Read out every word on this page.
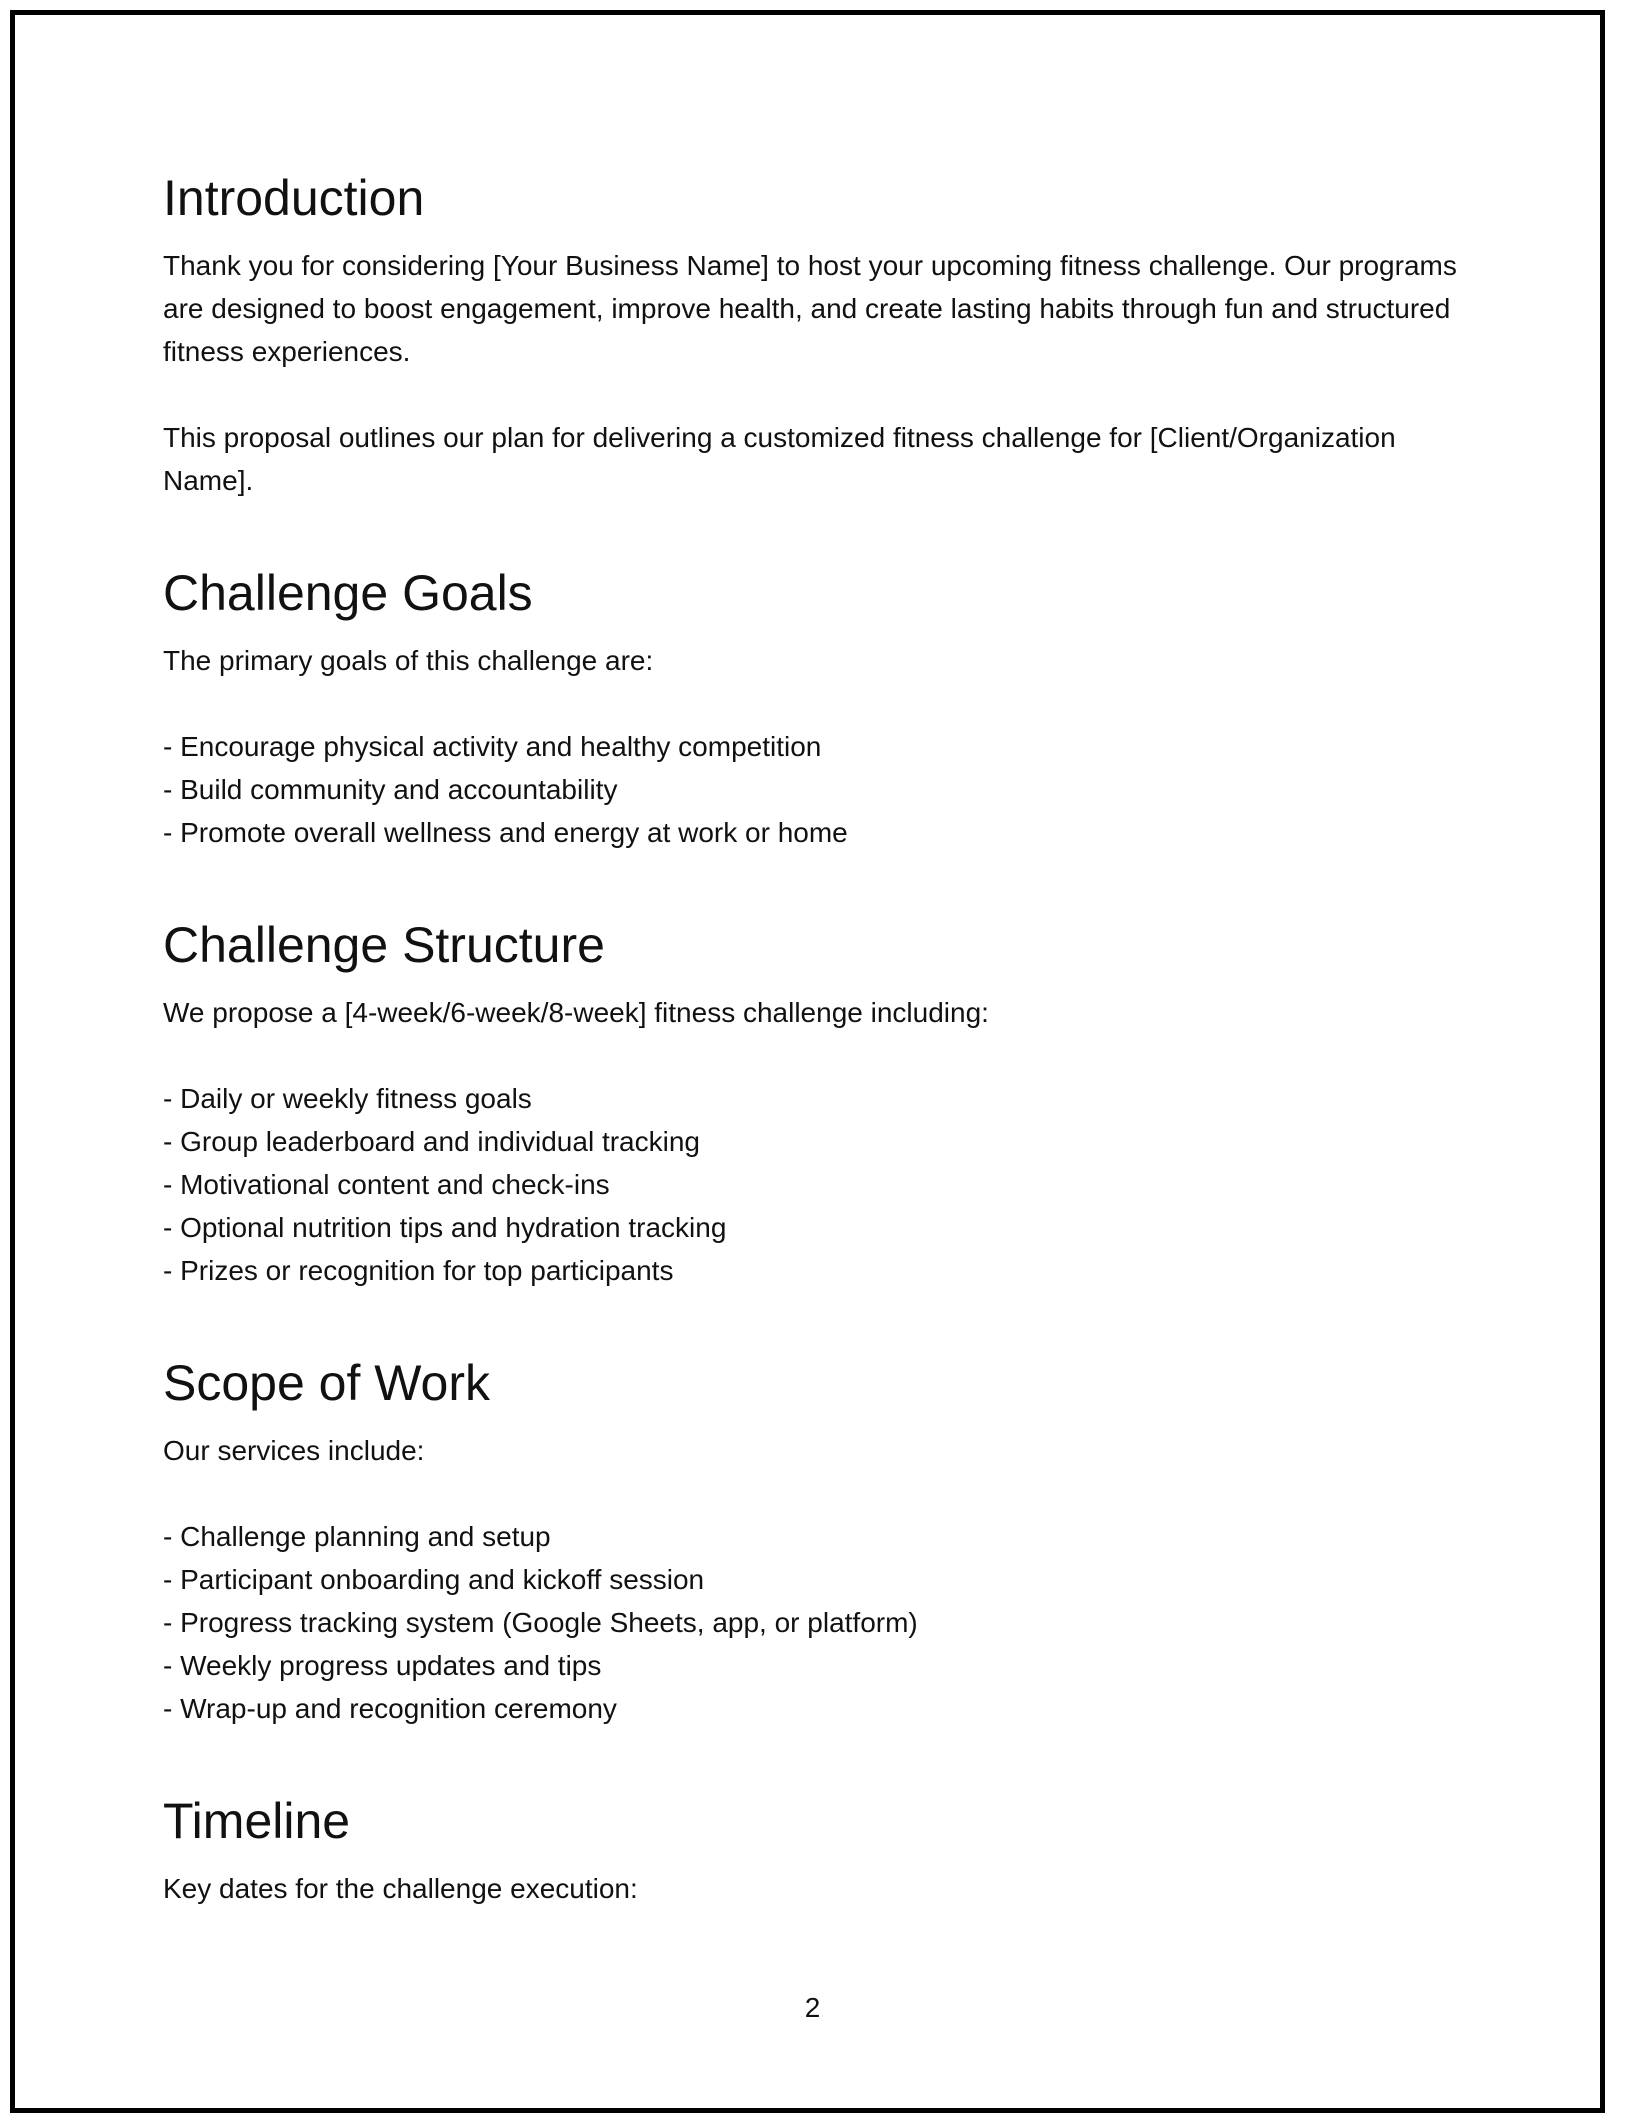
Introduction

Thank you for considering [Your Business Name] to host your upcoming fitness challenge. Our programs are designed to boost engagement, improve health, and create lasting habits through fun and structured fitness experiences.

This proposal outlines our plan for delivering a customized fitness challenge for [Client/Organization Name].

Challenge Goals

The primary goals of this challenge are:

- Encourage physical activity and healthy competition
- Build community and accountability
- Promote overall wellness and energy at work or home
Challenge Structure

We propose a [4-week/6-week/8-week] fitness challenge including:

- Daily or weekly fitness goals
- Group leaderboard and individual tracking
- Motivational content and check-ins
- Optional nutrition tips and hydration tracking
- Prizes or recognition for top participants
Scope of Work

Our services include:

- Challenge planning and setup
- Participant onboarding and kickoff session
- Progress tracking system (Google Sheets, app, or platform)
- Weekly progress updates and tips
- Wrap-up and recognition ceremony
Timeline

Key dates for the challenge execution:

2
